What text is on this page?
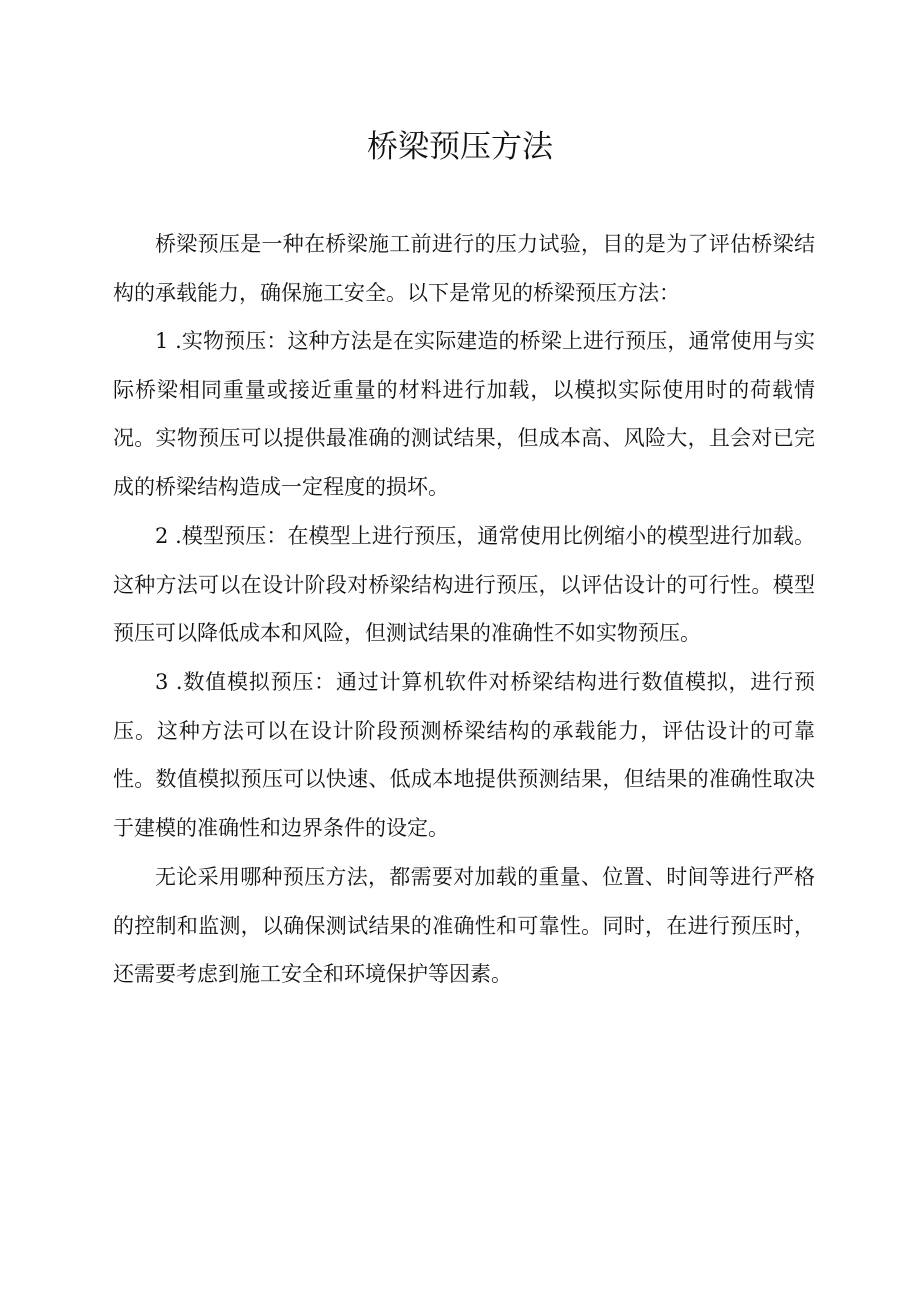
桥梁预压方法

桥梁预压是一种在桥梁施工前进行的压力试验，目的是为了评估桥梁结构的承载能力，确保施工安全。以下是常见的桥梁预压方法：

1 .实物预压：这种方法是在实际建造的桥梁上进行预压，通常使用与实际桥梁相同重量或接近重量的材料进行加载，以模拟实际使用时的荷载情况。实物预压可以提供最准确的测试结果，但成本高、风险大，且会对已完成的桥梁结构造成一定程度的损坏。

2 .模型预压：在模型上进行预压，通常使用比例缩小的模型进行加载。这种方法可以在设计阶段对桥梁结构进行预压，以评估设计的可行性。模型预压可以降低成本和风险，但测试结果的准确性不如实物预压。

3 .数值模拟预压：通过计算机软件对桥梁结构进行数值模拟，进行预压。这种方法可以在设计阶段预测桥梁结构的承载能力，评估设计的可靠性。数值模拟预压可以快速、低成本地提供预测结果，但结果的准确性取决于建模的准确性和边界条件的设定。

无论采用哪种预压方法，都需要对加载的重量、位置、时间等进行严格的控制和监测，以确保测试结果的准确性和可靠性。同时，在进行预压时，还需要考虑到施工安全和环境保护等因素。
